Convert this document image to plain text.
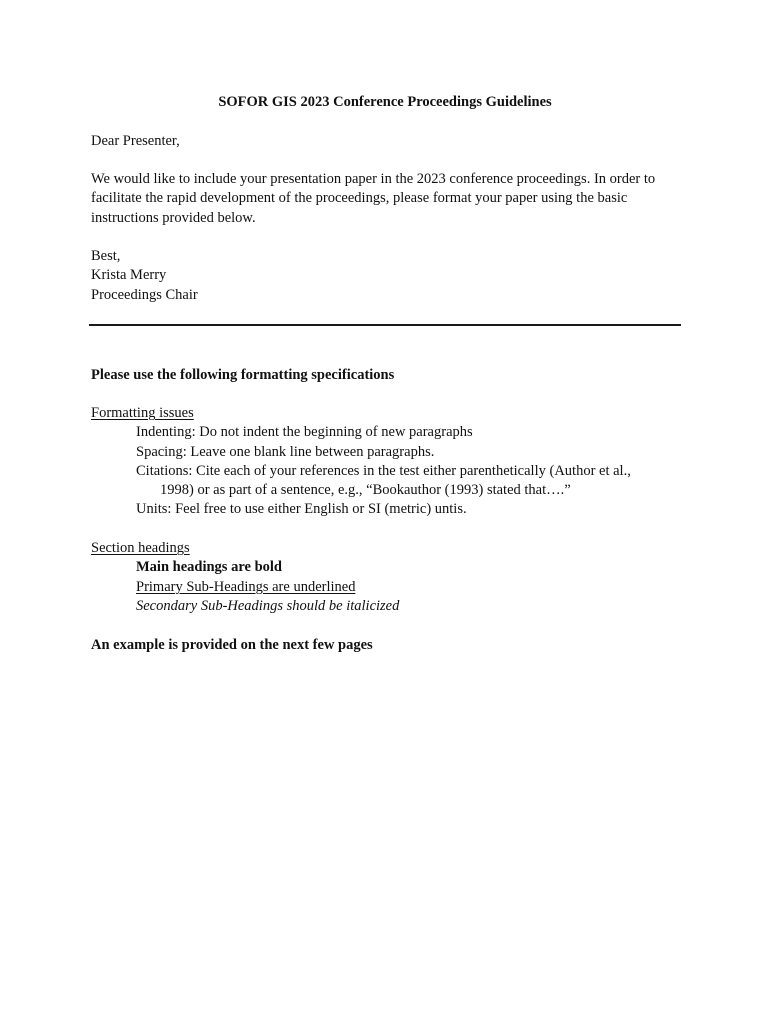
SOFOR GIS 2023 Conference Proceedings Guidelines
Dear Presenter,
We would like to include your presentation paper in the 2023 conference proceedings. In order to
facilitate the rapid development of the proceedings, please format your paper using the basic
instructions provided below.
Best,
Krista Merry
Proceedings Chair
Please use the following formatting specifications
Formatting issues
Indenting: Do not indent the beginning of new paragraphs
Spacing: Leave one blank line between paragraphs.
Citations: Cite each of your references in the test either parenthetically (Author et al.,
1998) or as part of a sentence, e.g., “Bookauthor (1993) stated that….”
Units: Feel free to use either English or SI (metric) untis.
Section headings
Main headings are bold
Primary Sub-Headings are underlined
Secondary Sub-Headings should be italicized
An example is provided on the next few pages
